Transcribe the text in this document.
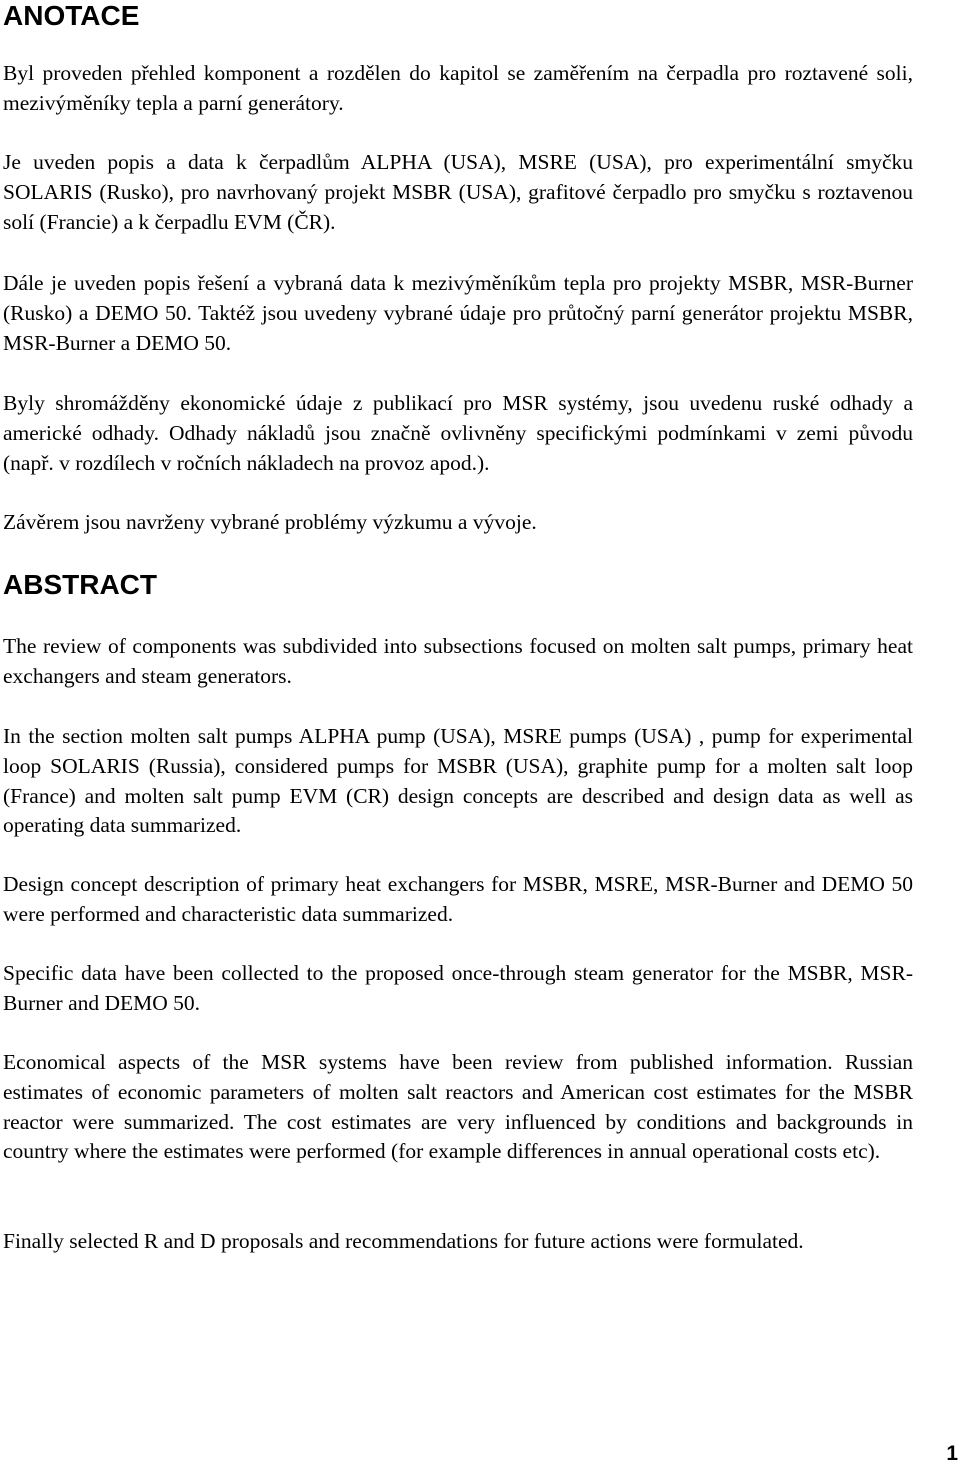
ANOTACE

Byl proveden přehled komponent a rozdělen do kapitol se zaměřením na čerpadla pro roztavené soli, mezivýměníky tepla a parní generátory.

Je uveden popis a data k čerpadlům ALPHA (USA), MSRE (USA), pro experimentální smyčku SOLARIS (Rusko), pro navrhovaný projekt MSBR (USA), grafitové čerpadlo pro smyčku s roztavenou solí (Francie) a k čerpadlu EVM (ČR).

Dále je uveden popis řešení a vybraná data k mezivýměníkům tepla pro projekty MSBR, MSR-Burner (Rusko) a DEMO 50. Taktéž jsou uvedeny vybrané údaje pro průtočný parní generátor projektu MSBR, MSR-Burner a DEMO 50.

Byly shromážděny ekonomické údaje z publikací pro MSR systémy, jsou uvedenu ruské odhady a americké odhady. Odhady nákladů jsou značně ovlivněny specifickými podmínkami v zemi původu (např. v rozdílech v ročních nákladech na provoz apod.).

Závěrem jsou navrženy vybrané problémy výzkumu a vývoje.

ABSTRACT

The review of components was subdivided into subsections focused on molten salt pumps, primary heat exchangers and steam generators.

In the section molten salt pumps ALPHA pump (USA), MSRE pumps (USA) , pump for experimental loop SOLARIS (Russia), considered pumps for MSBR (USA), graphite pump for a molten salt loop (France) and molten salt pump EVM (CR) design concepts are described and design data as well as operating data summarized.

Design concept description of primary heat exchangers for MSBR, MSRE, MSR-Burner and DEMO 50 were performed and characteristic data summarized.

Specific data have been collected to the proposed once-through steam generator for the MSBR, MSR-Burner and DEMO 50.

Economical aspects of the MSR systems have been review from published information. Russian estimates of economic parameters of molten salt reactors and American cost estimates for the MSBR reactor were summarized. The cost estimates are very influenced by conditions and backgrounds in country where the estimates were performed (for example differences in annual operational costs etc).

Finally selected R and D proposals and recommendations for future actions were formulated.

1
